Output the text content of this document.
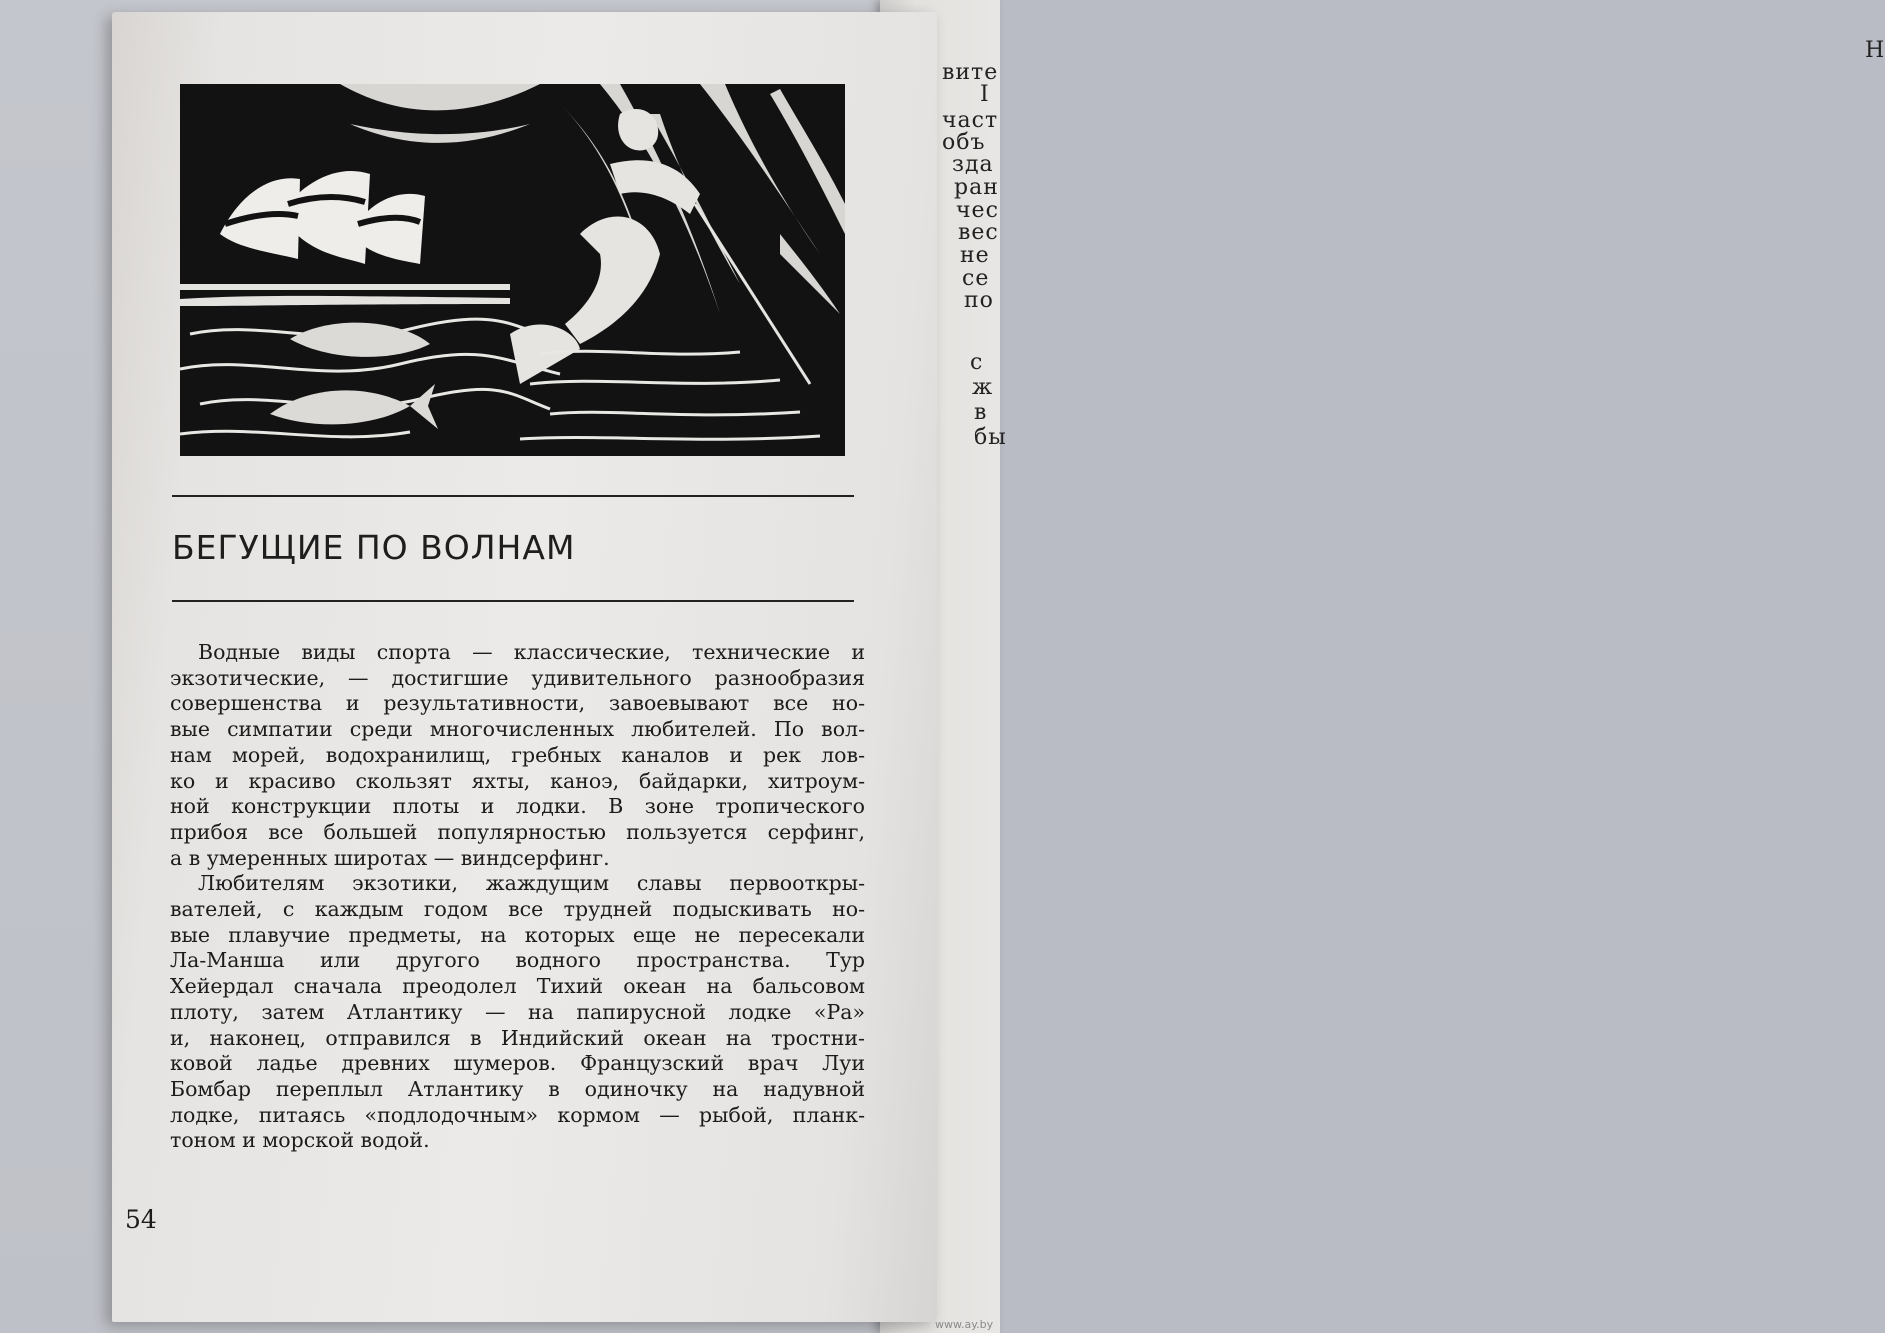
Н
вите
І
част
объ
зда
ран
чес
вес
не
се
по
с
ж
в
бы
БЕГУЩИЕ ПО ВОЛНАМ
Водные виды спорта — классические, технические и
экзотические, — достигшие удивительного разнообразия
совершенства и результативности, завоевывают все но-
вые симпатии среди многочисленных любителей. По вол-
нам морей, водохранилищ, гребных каналов и рек лов-
ко и красиво скользят яхты, каноэ, байдарки, хитроум-
ной конструкции плоты и лодки. В зоне тропического
прибоя все большей популярностью пользуется серфинг,
а в умеренных широтах — виндсерфинг.
Любителям экзотики, жаждущим славы первооткры-
вателей, с каждым годом все трудней подыскивать но-
вые плавучие предметы, на которых еще не пересекали
Ла-Манша или другого водного пространства. Тур
Хейердал сначала преодолел Тихий океан на бальсовом
плоту, затем Атлантику — на папирусной лодке «Ра»
и, наконец, отправился в Индийский океан на тростни-
ковой ладье древних шумеров. Французский врач Луи
Бомбар переплыл Атлантику в одиночку на надувной
лодке, питаясь «подлодочным» кормом — рыбой, планк-
тоном и морской водой.
54
www.ay.by
